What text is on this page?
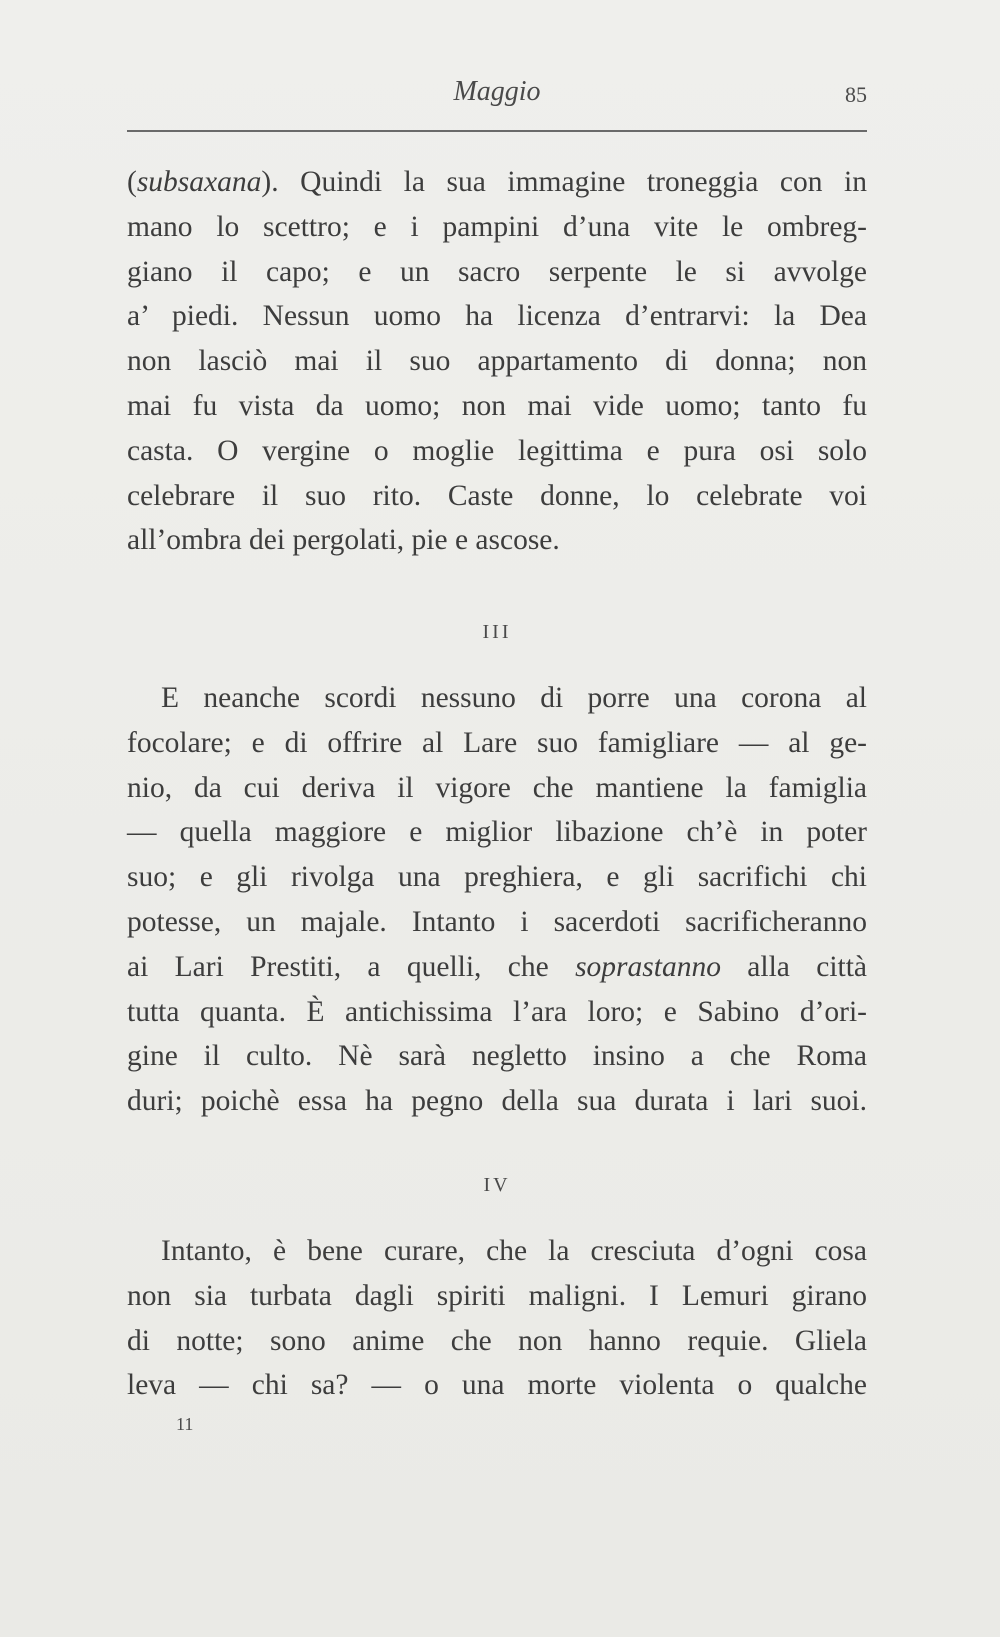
Maggio	85
(subsaxana). Quindi la sua immagine troneggia con in
mano lo scettro; e i pampini d’una vite le ombreg-
giano il capo; e un sacro serpente le si avvolge
a’ piedi. Nessun uomo ha licenza d’entrarvi: la Dea
non lasciò mai il suo appartamento di donna; non
mai fu vista da uomo; non mai vide uomo; tanto fu
casta. O vergine o moglie legittima e pura osi solo
celebrare il suo rito. Caste donne, lo celebrate voi
all’ombra dei pergolati, pie e ascose.
III
E neanche scordi nessuno di porre una corona al
focolare; e di offrire al Lare suo famigliare — al ge-
nio, da cui deriva il vigore che mantiene la famiglia
— quella maggiore e miglior libazione ch’è in poter
suo; e gli rivolga una preghiera, e gli sacrifichi chi
potesse, un majale. Intanto i sacerdoti sacrificheranno
ai Lari Prestiti, a quelli, che soprastanno alla città
tutta quanta. È antichissima l’ara loro; e Sabino d’ori-
gine il culto. Nè sarà negletto insino a che Roma
duri; poichè essa ha pegno della sua durata i lari suoi.
IV
Intanto, è bene curare, che la cresciuta d’ogni cosa
non sia turbata dagli spiriti maligni. I Lemuri girano
di notte; sono anime che non hanno requie. Gliela
leva — chi sa? — o una morte violenta o qualche
11
